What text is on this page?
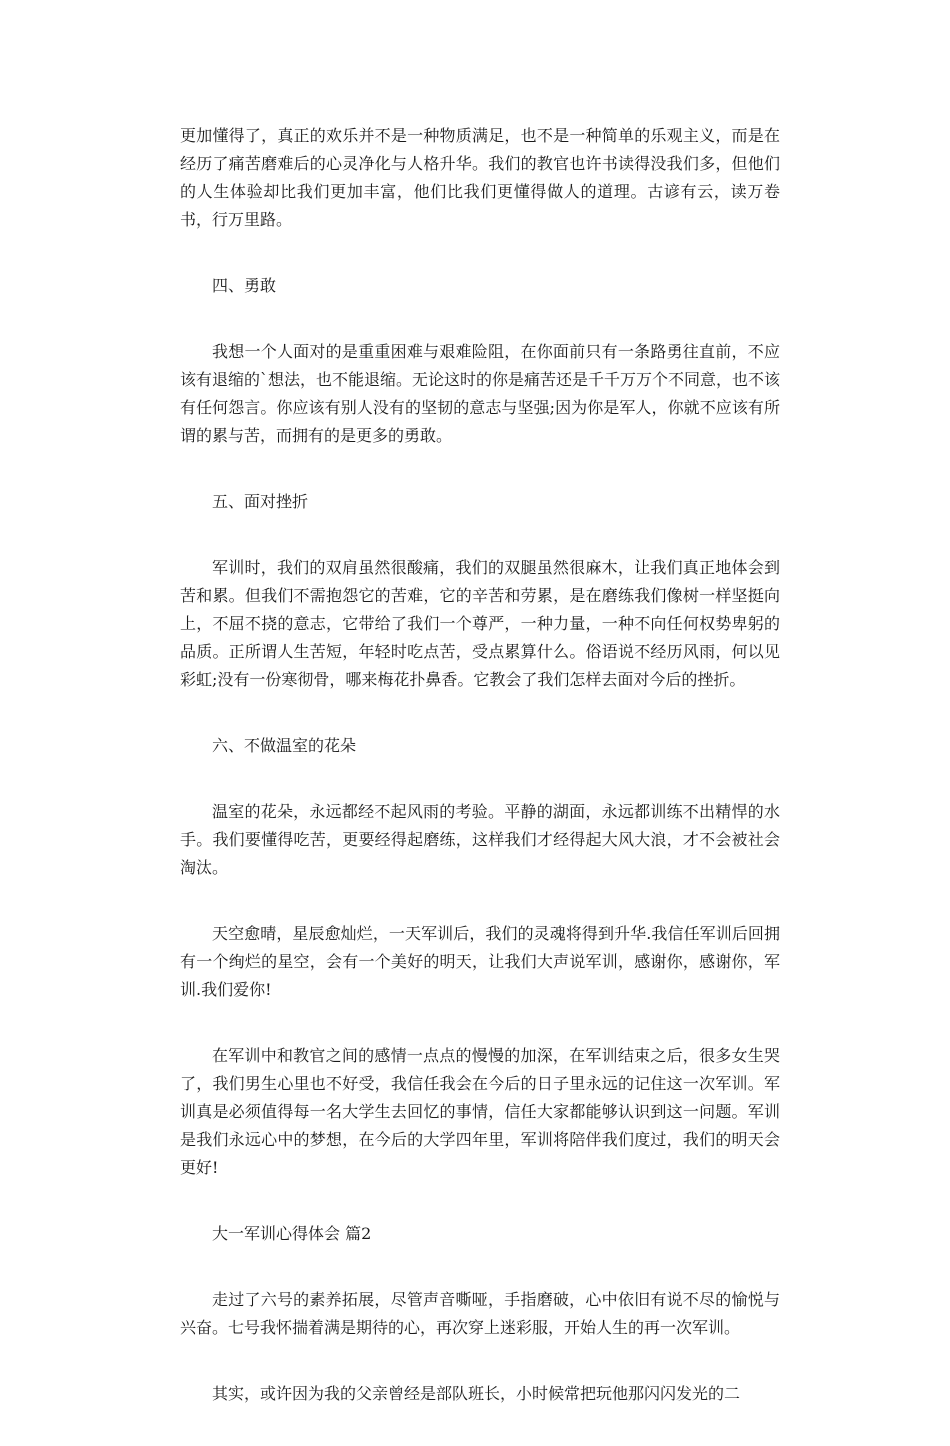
更加懂得了，真正的欢乐并不是一种物质满足，也不是一种简单的乐观主义，而是在经历了痛苦磨难后的心灵净化与人格升华。我们的教官也许书读得没我们多，但他们的人生体验却比我们更加丰富，他们比我们更懂得做人的道理。古谚有云，读万卷书，行万里路。

四、勇敢

我想一个人面对的是重重困难与艰难险阻，在你面前只有一条路勇往直前，不应该有退缩的`想法，也不能退缩。无论这时的你是痛苦还是千千万万个不同意，也不该有任何怨言。你应该有别人没有的坚韧的意志与坚强;因为你是军人，你就不应该有所谓的累与苦，而拥有的是更多的勇敢。

五、面对挫折

军训时，我们的双肩虽然很酸痛，我们的双腿虽然很麻木，让我们真正地体会到苦和累。但我们不需抱怨它的苦难，它的辛苦和劳累，是在磨练我们像树一样坚挺向上，不屈不挠的意志，它带给了我们一个尊严，一种力量，一种不向任何权势卑躬的品质。正所谓人生苦短，年轻时吃点苦，受点累算什么。俗语说不经历风雨，何以见彩虹;没有一份寒彻骨，哪来梅花扑鼻香。它教会了我们怎样去面对今后的挫折。

六、不做温室的花朵

温室的花朵，永远都经不起风雨的考验。平静的湖面，永远都训练不出精悍的水手。我们要懂得吃苦，更要经得起磨练，这样我们才经得起大风大浪，才不会被社会淘汰。

天空愈晴，星辰愈灿烂，一天军训后，我们的灵魂将得到升华.我信任军训后回拥有一个绚烂的星空，会有一个美好的明天，让我们大声说军训，感谢你，感谢你，军训.我们爱你!

在军训中和教官之间的感情一点点的慢慢的加深，在军训结束之后，很多女生哭了，我们男生心里也不好受，我信任我会在今后的日子里永远的记住这一次军训。军训真是必须值得每一名大学生去回忆的事情，信任大家都能够认识到这一问题。军训是我们永远心中的梦想，在今后的大学四年里，军训将陪伴我们度过，我们的明天会更好!

大一军训心得体会 篇2

走过了六号的素养拓展，尽管声音嘶哑，手指磨破，心中依旧有说不尽的愉悦与兴奋。七号我怀揣着满是期待的心，再次穿上迷彩服，开始人生的再一次军训。

其实，或许因为我的父亲曾经是部队班长，小时候常把玩他那闪闪发光的二
